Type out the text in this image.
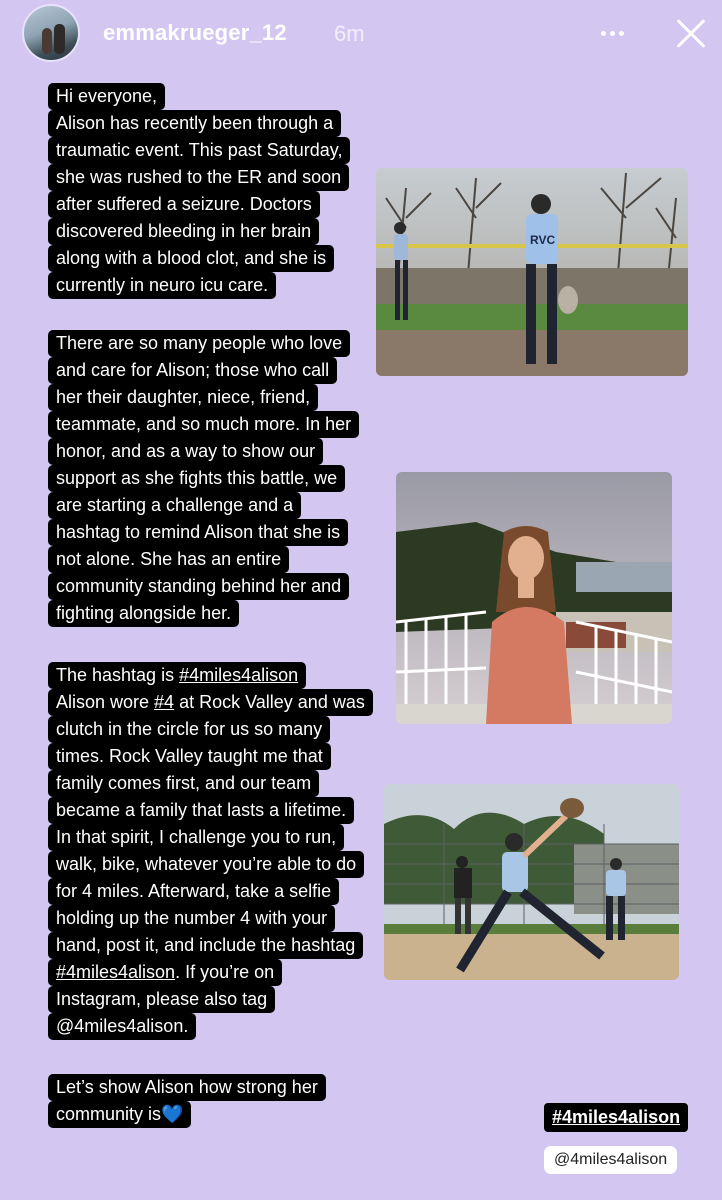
emmakrueger_12 6m
Hi everyone,
Alison has recently been through a
traumatic event. This past Saturday,
she was rushed to the ER and soon
after suffered a seizure. Doctors
discovered bleeding in her brain
along with a blood clot, and she is
currently in neuro icu care.
There are so many people who love
and care for Alison; those who call
her their daughter, niece, friend,
teammate, and so much more. In her
honor, and as a way to show our
support as she fights this battle, we
are starting a challenge and a
hashtag to remind Alison that she is
not alone. She has an entire
community standing behind her and
fighting alongside her.
The hashtag is #4miles4alison
Alison wore #4 at Rock Valley and was
clutch in the circle for us so many
times. Rock Valley taught me that
family comes first, and our team
became a family that lasts a lifetime.
In that spirit, I challenge you to run,
walk, bike, whatever you’re able to do
for 4 miles. Afterward, take a selfie
holding up the number 4 with your
hand, post it, and include the hashtag
#4miles4alison. If you’re on
Instagram, please also tag
@4miles4alison.
Let’s show Alison how strong her
community is💙
RVC
#4miles4alison
@4miles4alison
